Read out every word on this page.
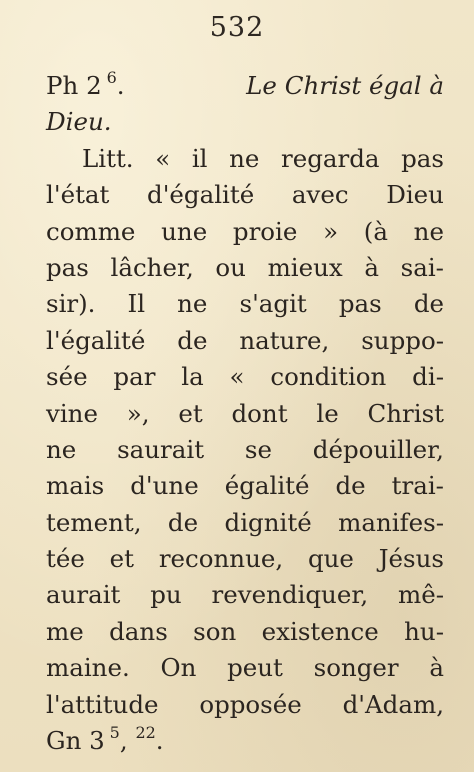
532
Ph 2  $^6$.	Le Christ égal à
Dieu.
Litt. « il ne regarda pas
l'état d'égalité avec Dieu
comme une proie » (à ne
pas lâcher, ou mieux à sai-
sir). Il ne s'agit pas de
l'égalité de nature, suppo-
sée par la « condition di-
vine », et dont le Christ
ne saurait se dépouiller,
mais d'une égalité de trai-
tement, de dignité manifes-
tée et reconnue, que Jésus
aurait pu revendiquer, mê-
me dans son existence hu-
maine. On peut songer à
l'attitude opposée d'Adam,
Gn 3  $^5$, $^{22}$.
